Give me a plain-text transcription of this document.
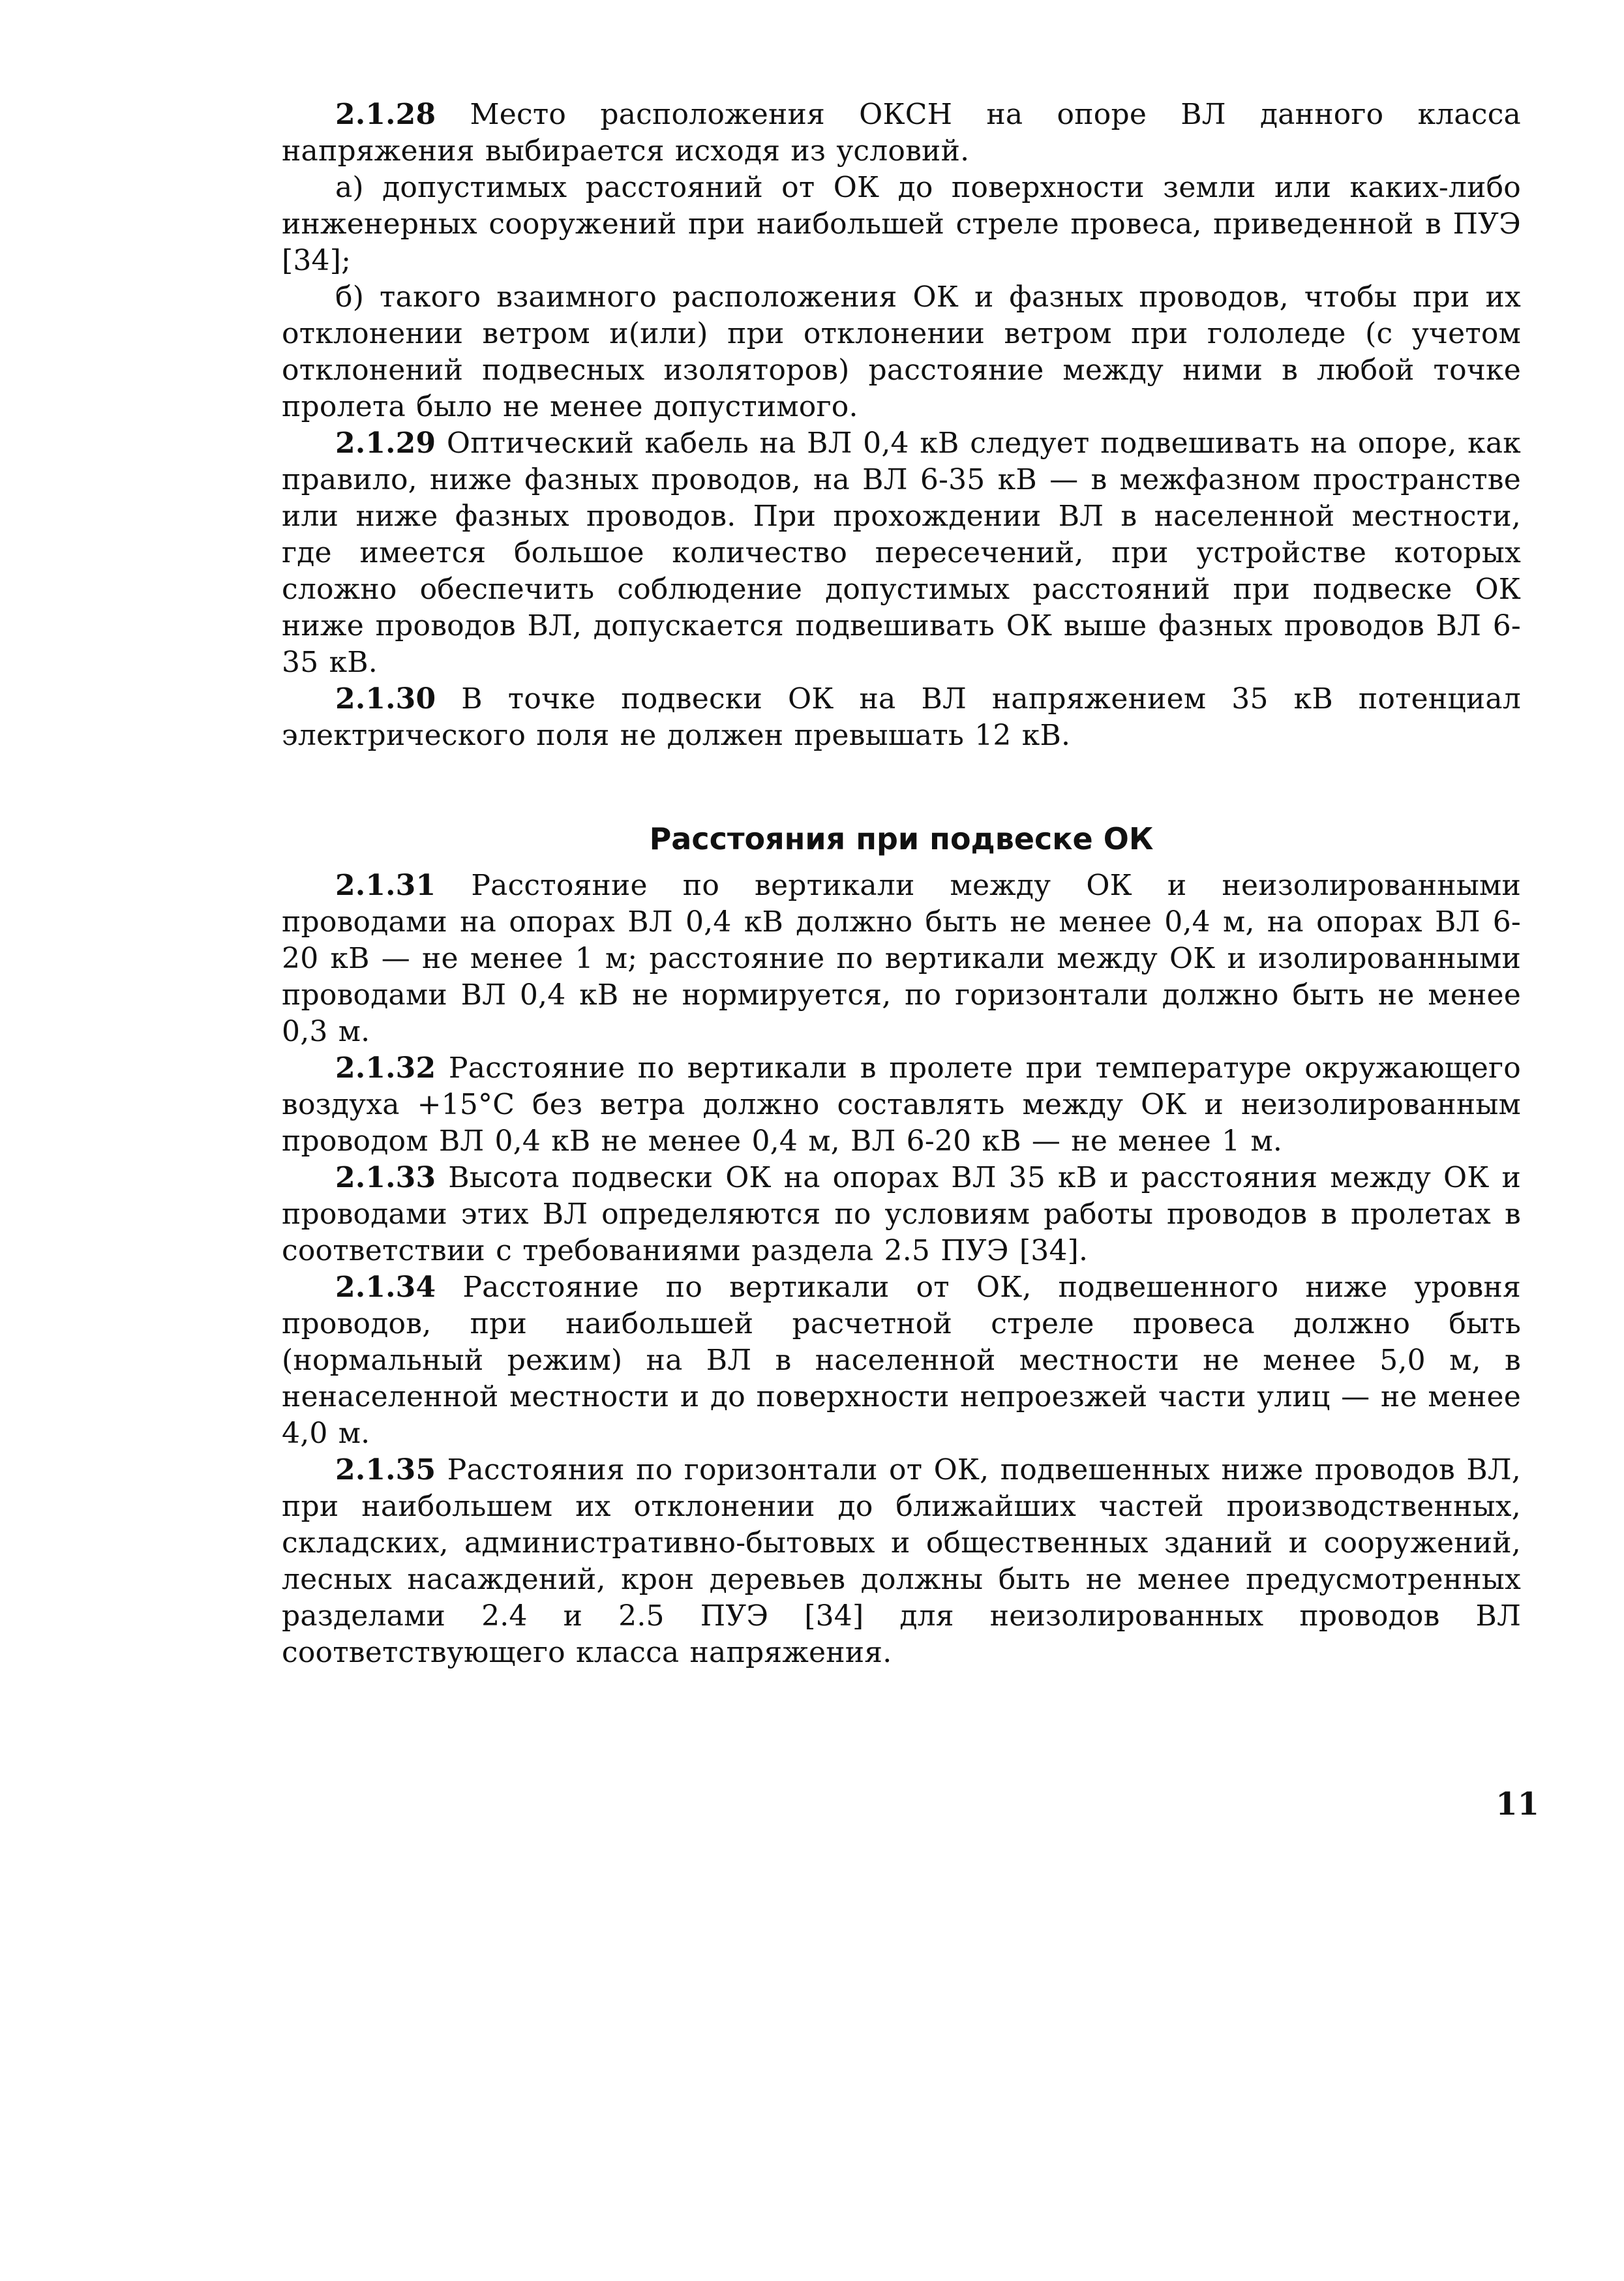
2.1.28 Место расположения ОКСН на опоре ВЛ данного класса напряжения выбирается исходя из условий.

а) допустимых расстояний от ОК до поверхности земли или каких-либо инженерных сооружений при наибольшей стреле провеса, приведенной в ПУЭ [34];

б) такого взаимного расположения ОК и фазных проводов, чтобы при их отклонении ветром и(или) при отклонении ветром при гололеде (с учетом отклонений подвесных изоляторов) расстояние между ними в любой точке пролета было не менее допустимого.

2.1.29 Оптический кабель на ВЛ 0,4 кВ следует подвешивать на опоре, как правило, ниже фазных проводов, на ВЛ 6-35 кВ — в межфазном пространстве или ниже фазных проводов. При прохождении ВЛ в населенной местности, где имеется большое количество пересечений, при устройстве которых сложно обеспечить соблюдение допустимых расстояний при подвеске ОК ниже проводов ВЛ, допускается подвешивать ОК выше фазных проводов ВЛ 6-35 кВ.

2.1.30 В точке подвески ОК на ВЛ напряжением 35 кВ потенциал электрического поля не должен превышать 12 кВ.

Расстояния при подвеске ОК

2.1.31 Расстояние по вертикали между ОК и неизолированными проводами на опорах ВЛ 0,4 кВ должно быть не менее 0,4 м, на опорах ВЛ 6-20 кВ — не менее 1 м; расстояние по вертикали между ОК и изолированными проводами ВЛ 0,4 кВ не нормируется, по горизонтали должно быть не менее 0,3 м.

2.1.32 Расстояние по вертикали в пролете при температуре окружающего воздуха +15°С без ветра должно составлять между ОК и неизолированным проводом ВЛ 0,4 кВ не менее 0,4 м, ВЛ 6-20 кВ — не менее 1 м.

2.1.33 Высота подвески ОК на опорах ВЛ 35 кВ и расстояния между ОК и проводами этих ВЛ определяются по условиям работы проводов в пролетах в соответствии с требованиями раздела 2.5 ПУЭ [34].

2.1.34 Расстояние по вертикали от ОК, подвешенного ниже уровня проводов, при наибольшей расчетной стреле провеса должно быть (нормальный режим) на ВЛ в населенной местности не менее 5,0 м, в ненаселенной местности и до поверхности непроезжей части улиц — не менее 4,0 м.

2.1.35 Расстояния по горизонтали от ОК, подвешенных ниже проводов ВЛ, при наибольшем их отклонении до ближайших частей производственных, складских, административно-бытовых и общественных зданий и сооружений, лесных насаждений, крон деревьев должны быть не менее предусмотренных разделами 2.4 и 2.5 ПУЭ [34] для неизолированных проводов ВЛ соответствующего класса напряжения.

11
